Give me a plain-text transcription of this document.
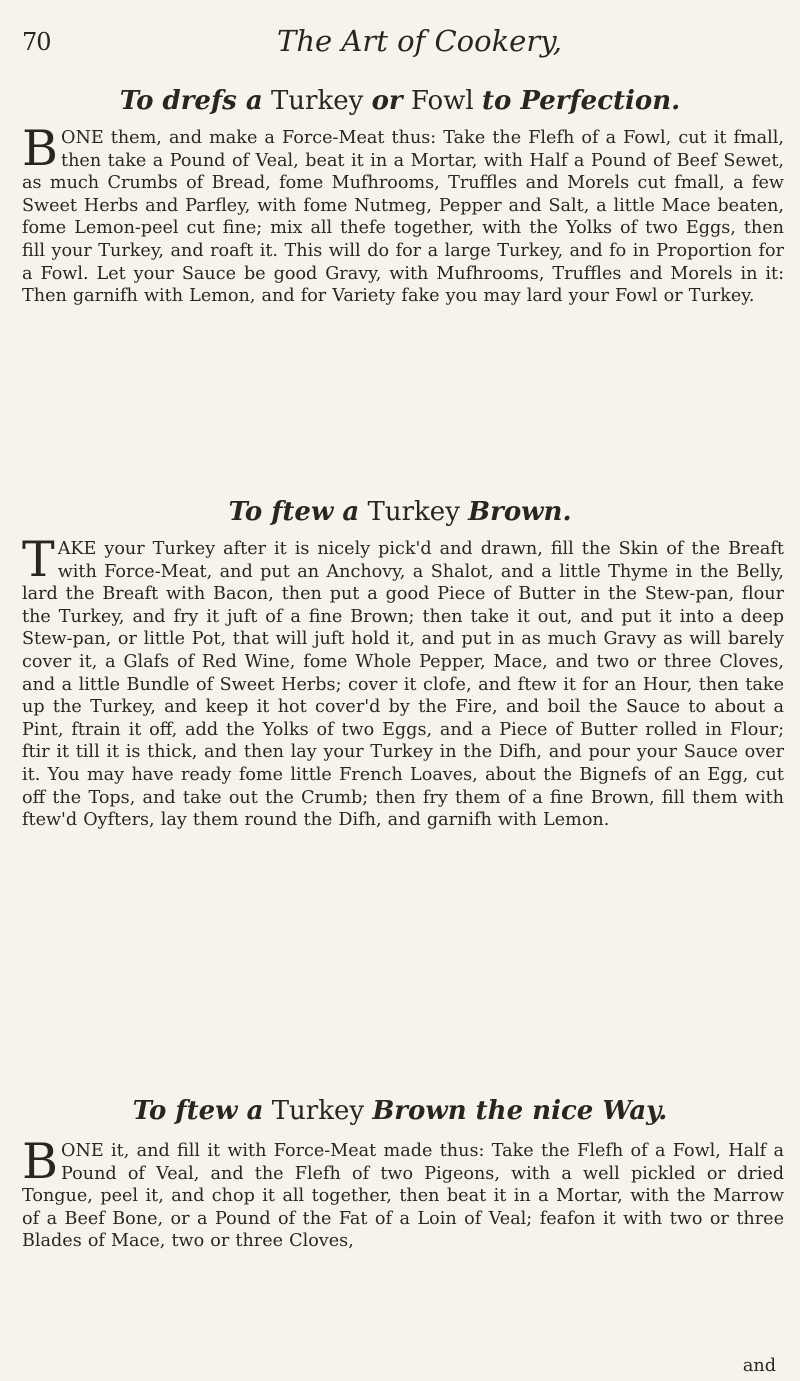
70	The Art of Cookery,
To drefs a Turkey or Fowl to Perfection.
BONE them, and make a Force-Meat thus: Take the Flefh of a Fowl, cut it fmall, then take a Pound of Veal, beat it in a Mortar, with Half a Pound of Beef Sewet, as much Crumbs of Bread, fome Mufhrooms, Truffles and Morels cut fmall, a few Sweet Herbs and Parfley, with fome Nutmeg, Pepper and Salt, a little Mace beaten, fome Lemon-peel cut fine; mix all thefe together, with the Yolks of two Eggs, then fill your Turkey, and roaft it. This will do for a large Turkey, and fo in Proportion for a Fowl. Let your Sauce be good Gravy, with Mufhrooms, Truffles and Morels in it: Then garnifh with Lemon, and for Variety fake you may lard your Fowl or Turkey.
To ftew a Turkey Brown.
TAKE your Turkey after it is nicely pick'd and drawn, fill the Skin of the Breaft with Force-Meat, and put an Anchovy, a Shalot, and a little Thyme in the Belly, lard the Breaft with Bacon, then put a good Piece of Butter in the Stew-pan, flour the Turkey, and fry it juft of a fine Brown; then take it out, and put it into a deep Stew-pan, or little Pot, that will juft hold it, and put in as much Gravy as will barely cover it, a Glafs of Red Wine, fome Whole Pepper, Mace, and two or three Cloves, and a little Bundle of Sweet Herbs; cover it clofe, and ftew it for an Hour, then take up the Turkey, and keep it hot cover'd by the Fire, and boil the Sauce to about a Pint, ftrain it off, add the Yolks of two Eggs, and a Piece of Butter rolled in Flour; ftir it till it is thick, and then lay your Turkey in the Difh, and pour your Sauce over it. You may have ready fome little French Loaves, about the Bignefs of an Egg, cut off the Tops, and take out the Crumb; then fry them of a fine Brown, fill them with ftew'd Oyfters, lay them round the Difh, and garnifh with Lemon.
To ftew a Turkey Brown the nice Way.
BONE it, and fill it with Force-Meat made thus: Take the Flefh of a Fowl, Half a Pound of Veal, and the Flefh of two Pigeons, with a well pickled or dried Tongue, peel it, and chop it all together, then beat it in a Mortar, with the Marrow of a Beef Bone, or a Pound of the Fat of a Loin of Veal; feafon it with two or three Blades of Mace, two or three Cloves,
and
